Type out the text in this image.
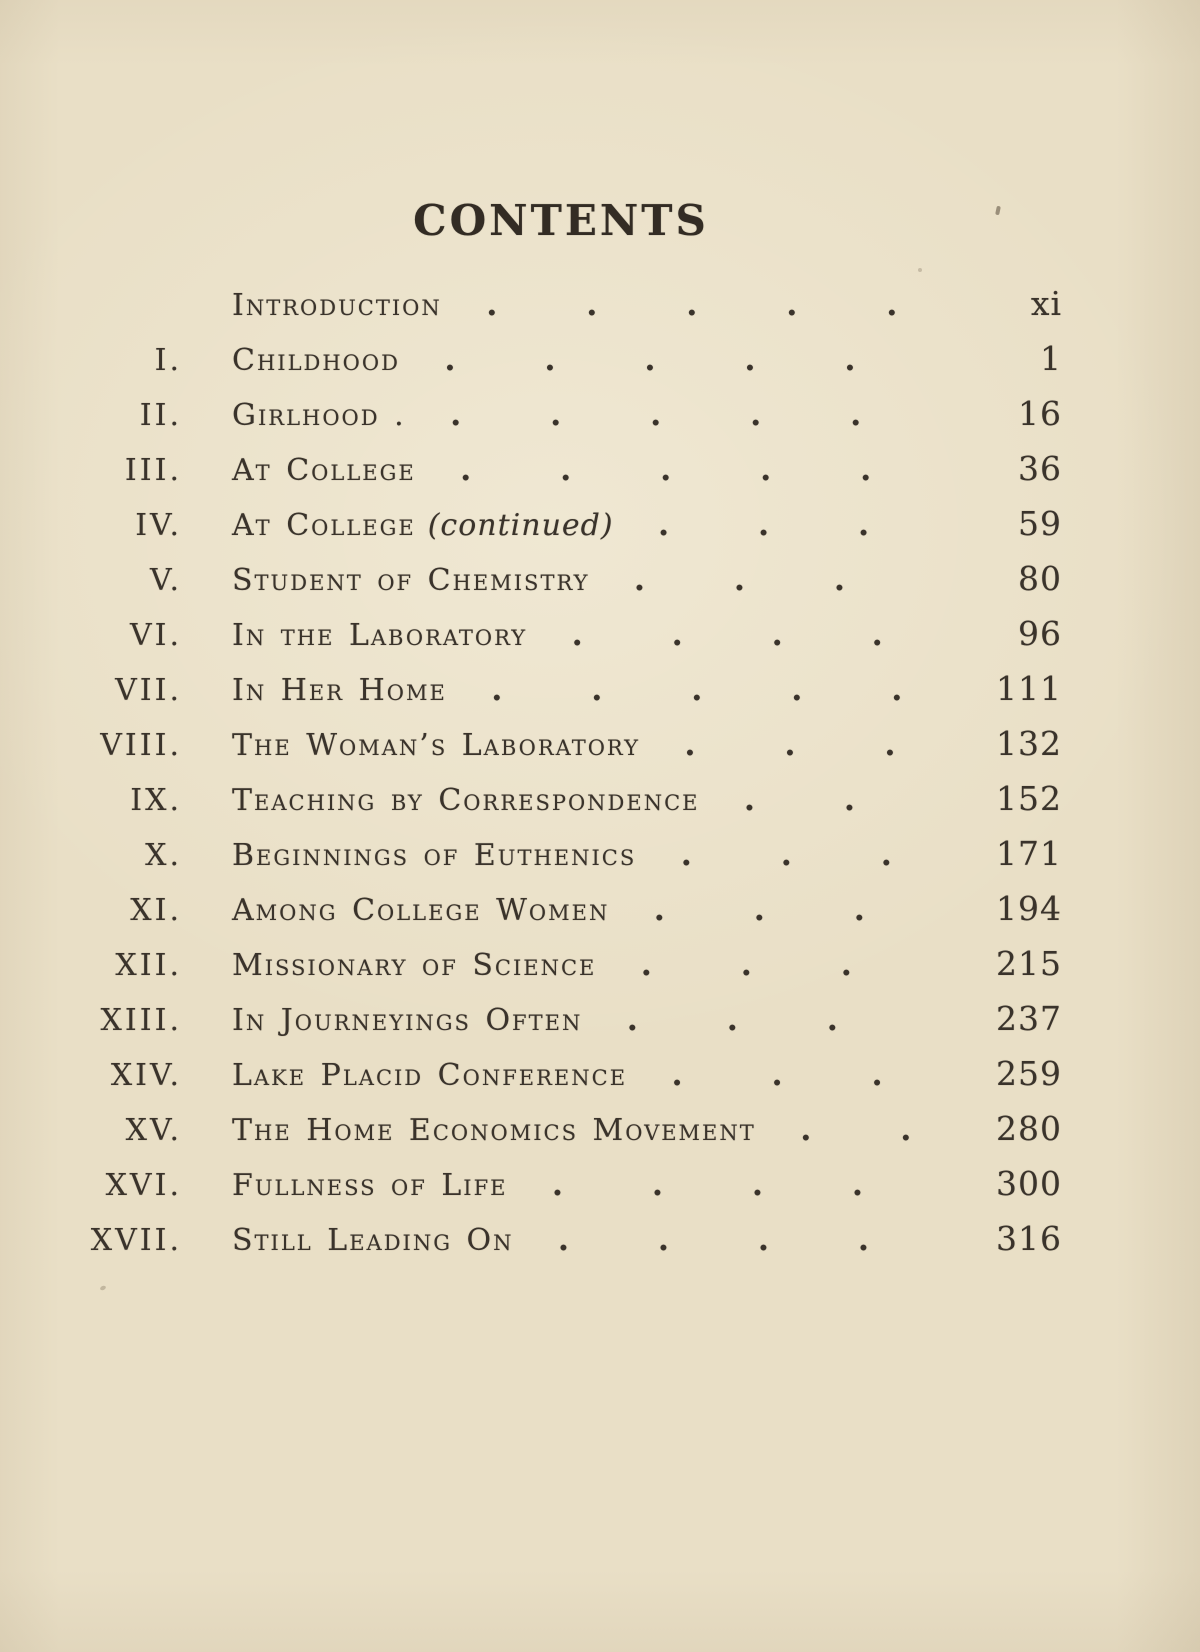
CONTENTS
Introduction	.....	xi
I. Childhood	.....	1
II. Girlhood .	.....	16
III. At College	.....	36
IV. At College (continued)	...	59
V. Student of Chemistry	...	80
VI. In the Laboratory	....	96
VII. In Her Home	.....	111
VIII. The Woman’s Laboratory	...	132
IX. Teaching by Correspondence	..	152
X. Beginnings of Euthenics	...	171
XI. Among College Women	...	194
XII. Missionary of Science	...	215
XIII. In Journeyings Often	...	237
XIV. Lake Placid Conference	...	259
XV. The Home Economics Movement	..	280
XVI. Fullness of Life	....	300
XVII. Still Leading On	....	316
